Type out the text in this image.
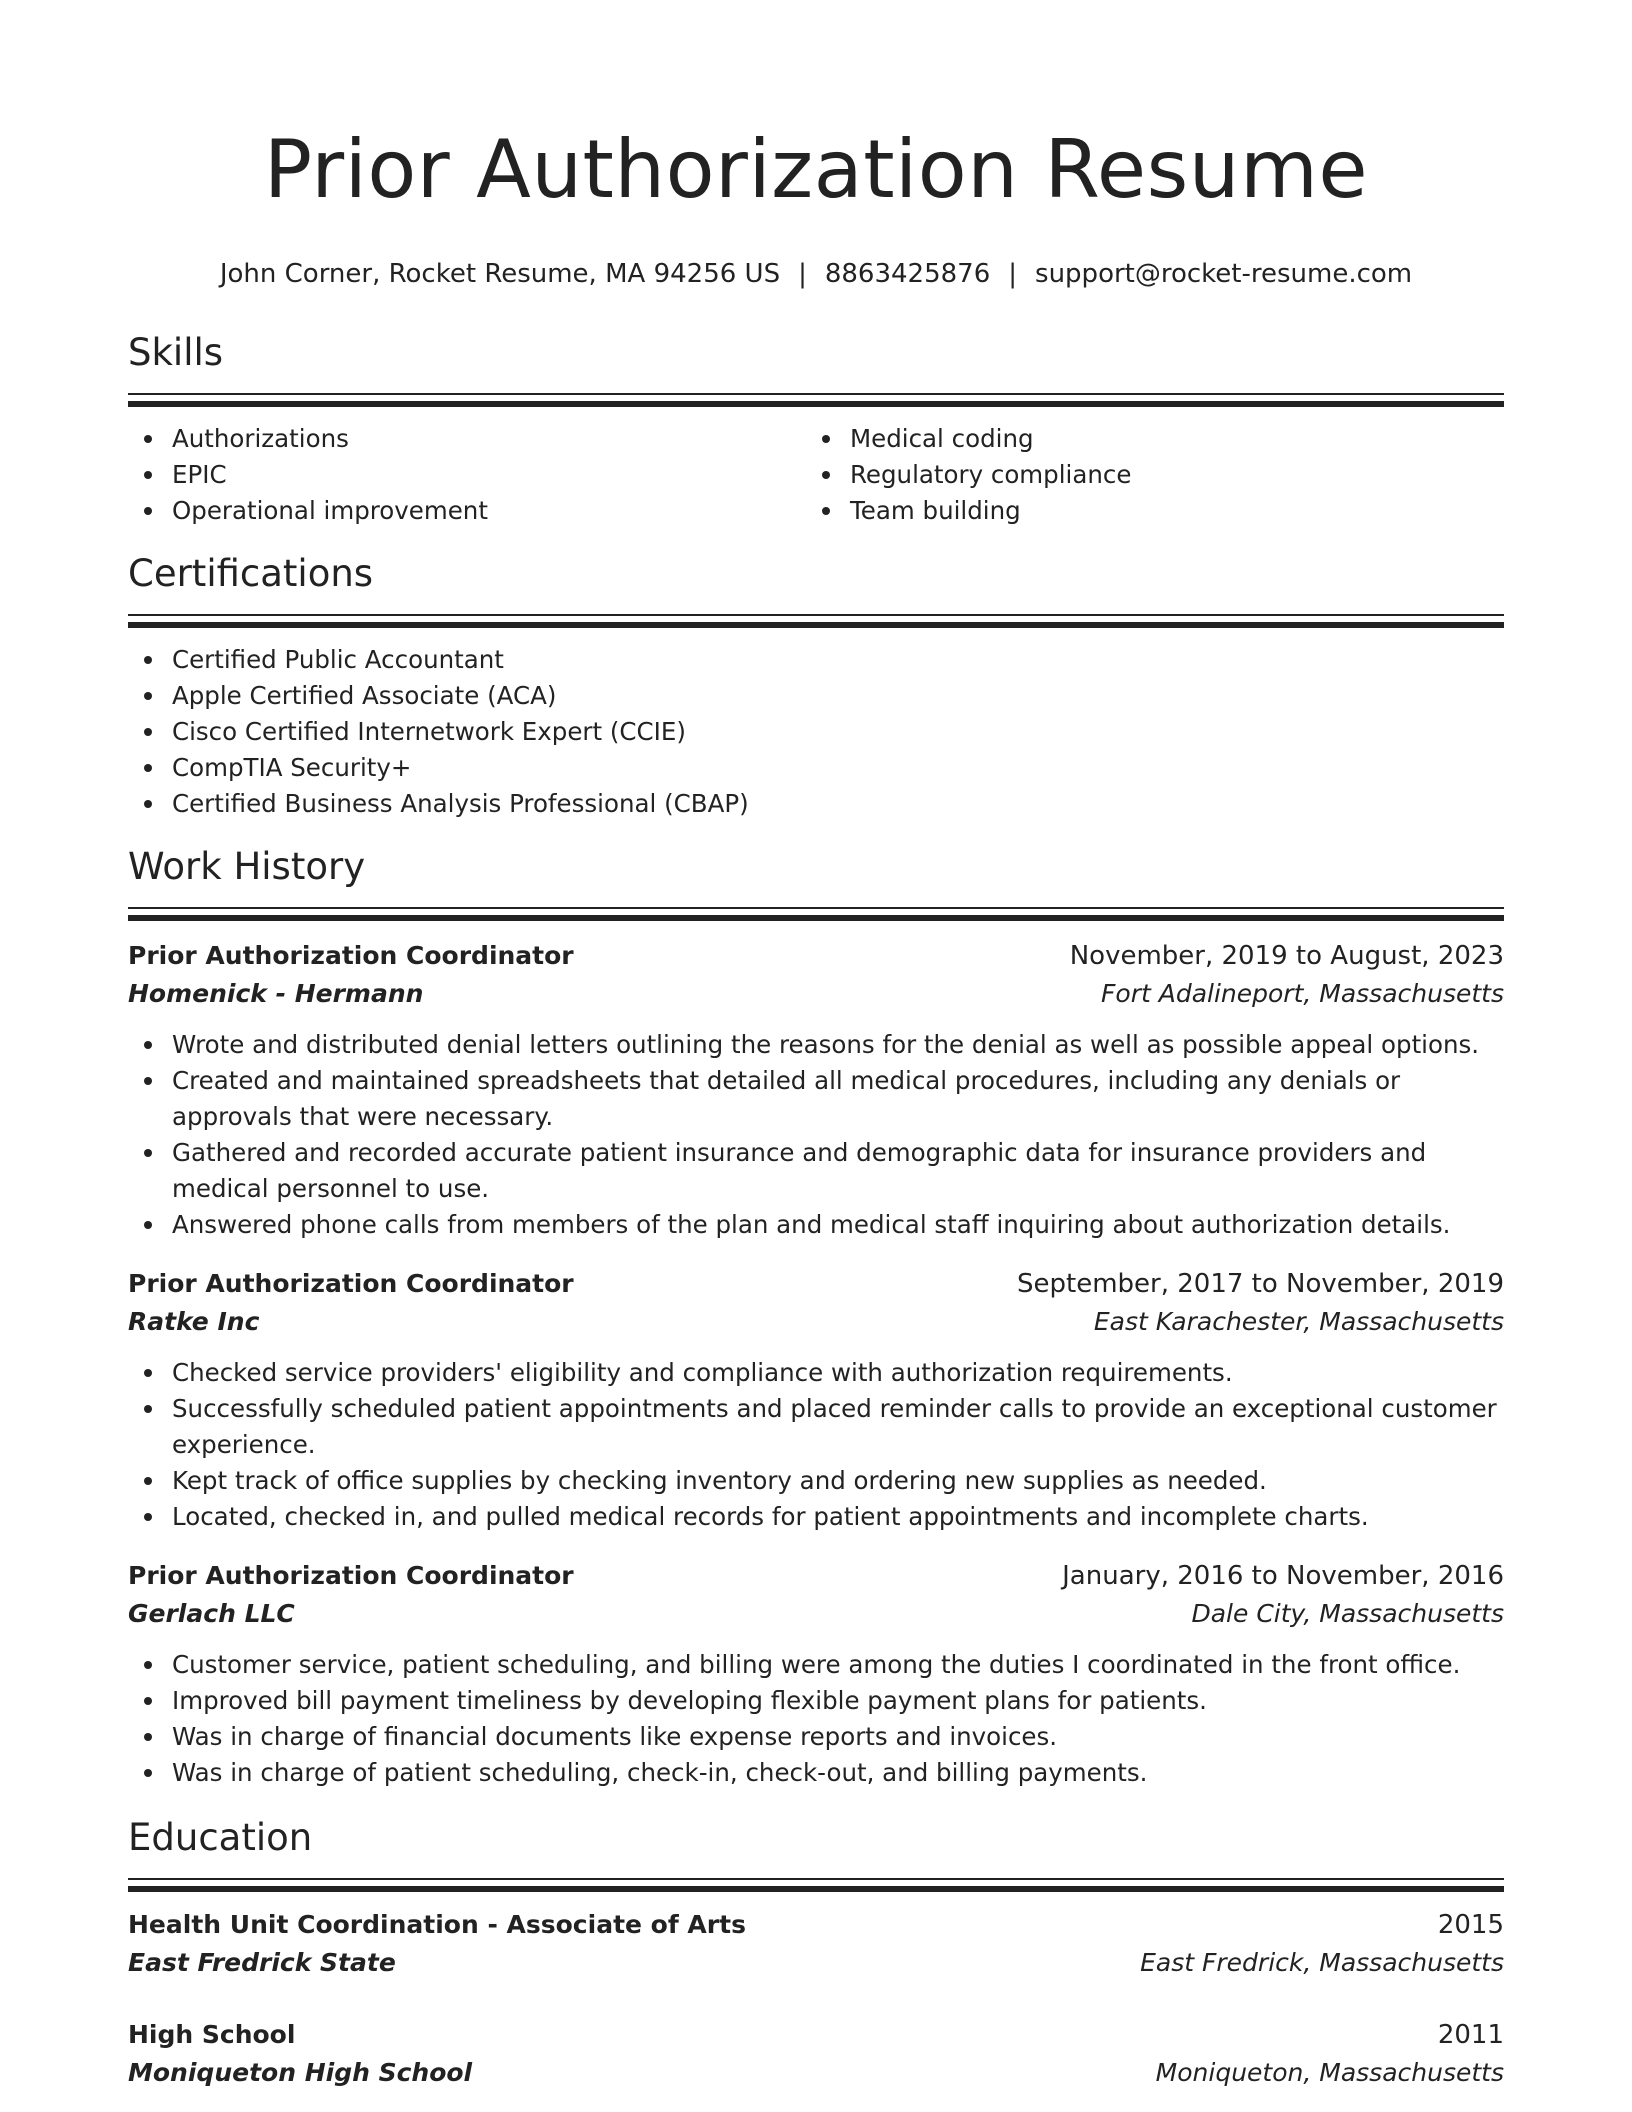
Prior Authorization Resume
John Corner, Rocket Resume, MA 94256 US | 8863425876 | support@rocket-resume.com
Skills
Authorizations
EPIC
Operational improvement
Medical coding
Regulatory compliance
Team building
Certifications
Certified Public Accountant
Apple Certified Associate (ACA)
Cisco Certified Internetwork Expert (CCIE)
CompTIA Security+
Certified Business Analysis Professional (CBAP)
Work History
Prior Authorization Coordinator	November, 2019 to August, 2023
Homenick - Hermann	Fort Adalineport, Massachusetts
Wrote and distributed denial letters outlining the reasons for the denial as well as possible appeal options.
Created and maintained spreadsheets that detailed all medical procedures, including any denials or approvals that were necessary.
Gathered and recorded accurate patient insurance and demographic data for insurance providers and medical personnel to use.
Answered phone calls from members of the plan and medical staff inquiring about authorization details.
Prior Authorization Coordinator	September, 2017 to November, 2019
Ratke Inc	East Karachester, Massachusetts
Checked service providers' eligibility and compliance with authorization requirements.
Successfully scheduled patient appointments and placed reminder calls to provide an exceptional customer experience.
Kept track of office supplies by checking inventory and ordering new supplies as needed.
Located, checked in, and pulled medical records for patient appointments and incomplete charts.
Prior Authorization Coordinator	January, 2016 to November, 2016
Gerlach LLC	Dale City, Massachusetts
Customer service, patient scheduling, and billing were among the duties I coordinated in the front office.
Improved bill payment timeliness by developing flexible payment plans for patients.
Was in charge of financial documents like expense reports and invoices.
Was in charge of patient scheduling, check-in, check-out, and billing payments.
Education
Health Unit Coordination - Associate of Arts	2015
East Fredrick State	East Fredrick, Massachusetts
High School	2011
Moniqueton High School	Moniqueton, Massachusetts
